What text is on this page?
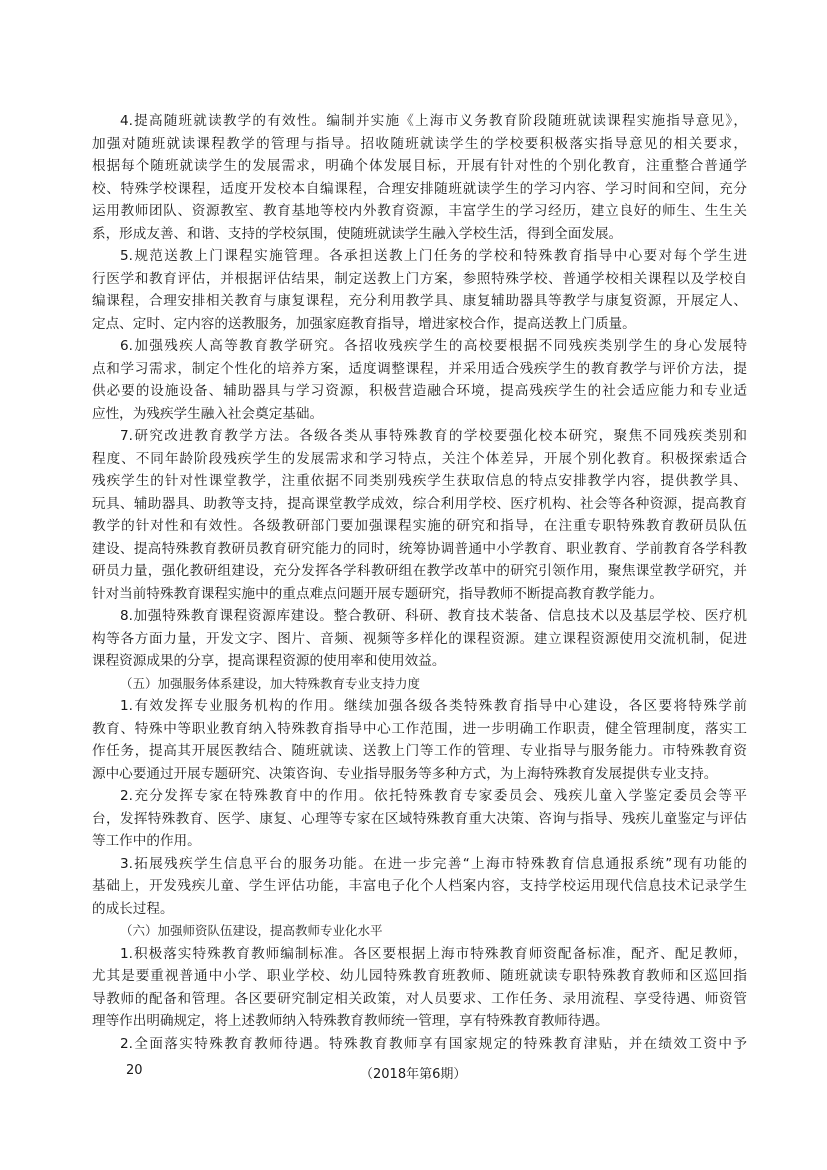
4.提高随班就读教学的有效性。编制并实施《上海市义务教育阶段随班就读课程实施指导意见》，
加强对随班就读课程教学的管理与指导。招收随班就读学生的学校要积极落实指导意见的相关要求，
根据每个随班就读学生的发展需求，明确个体发展目标，开展有针对性的个别化教育，注重整合普通学
校、特殊学校课程，适度开发校本自编课程，合理安排随班就读学生的学习内容、学习时间和空间，充分
运用教师团队、资源教室、教育基地等校内外教育资源，丰富学生的学习经历，建立良好的师生、生生关
系，形成友善、和谐、支持的学校氛围，使随班就读学生融入学校生活，得到全面发展。
5.规范送教上门课程实施管理。各承担送教上门任务的学校和特殊教育指导中心要对每个学生进
行医学和教育评估，并根据评估结果，制定送教上门方案，参照特殊学校、普通学校相关课程以及学校自
编课程，合理安排相关教育与康复课程，充分利用教学具、康复辅助器具等教学与康复资源，开展定人、
定点、定时、定内容的送教服务，加强家庭教育指导，增进家校合作，提高送教上门质量。
6.加强残疾人高等教育教学研究。各招收残疾学生的高校要根据不同残疾类别学生的身心发展特
点和学习需求，制定个性化的培养方案，适度调整课程，并采用适合残疾学生的教育教学与评价方法，提
供必要的设施设备、辅助器具与学习资源，积极营造融合环境，提高残疾学生的社会适应能力和专业适
应性，为残疾学生融入社会奠定基础。
7.研究改进教育教学方法。各级各类从事特殊教育的学校要强化校本研究，聚焦不同残疾类别和
程度、不同年龄阶段残疾学生的发展需求和学习特点，关注个体差异，开展个别化教育。积极探索适合
残疾学生的针对性课堂教学，注重依据不同类别残疾学生获取信息的特点安排教学内容，提供教学具、
玩具、辅助器具、助教等支持，提高课堂教学成效，综合利用学校、医疗机构、社会等各种资源，提高教育
教学的针对性和有效性。各级教研部门要加强课程实施的研究和指导，在注重专职特殊教育教研员队伍
建设、提高特殊教育教研员教育研究能力的同时，统筹协调普通中小学教育、职业教育、学前教育各学科教
研员力量，强化教研组建设，充分发挥各学科教研组在教学改革中的研究引领作用，聚焦课堂教学研究，并
针对当前特殊教育课程实施中的重点难点问题开展专题研究，指导教师不断提高教育教学能力。
8.加强特殊教育课程资源库建设。整合教研、科研、教育技术装备、信息技术以及基层学校、医疗机
构等各方面力量，开发文字、图片、音频、视频等多样化的课程资源。建立课程资源使用交流机制，促进
课程资源成果的分享，提高课程资源的使用率和使用效益。
（五）加强服务体系建设，加大特殊教育专业支持力度
1.有效发挥专业服务机构的作用。继续加强各级各类特殊教育指导中心建设，各区要将特殊学前
教育、特殊中等职业教育纳入特殊教育指导中心工作范围，进一步明确工作职责，健全管理制度，落实工
作任务，提高其开展医教结合、随班就读、送教上门等工作的管理、专业指导与服务能力。市特殊教育资
源中心要通过开展专题研究、决策咨询、专业指导服务等多种方式，为上海特殊教育发展提供专业支持。
2.充分发挥专家在特殊教育中的作用。依托特殊教育专家委员会、残疾儿童入学鉴定委员会等平
台，发挥特殊教育、医学、康复、心理等专家在区域特殊教育重大决策、咨询与指导、残疾儿童鉴定与评估
等工作中的作用。
3.拓展残疾学生信息平台的服务功能。在进一步完善“上海市特殊教育信息通报系统”现有功能的
基础上，开发残疾儿童、学生评估功能，丰富电子化个人档案内容，支持学校运用现代信息技术记录学生
的成长过程。
（六）加强师资队伍建设，提高教师专业化水平
1.积极落实特殊教育教师编制标准。各区要根据上海市特殊教育师资配备标准，配齐、配足教师，
尤其是要重视普通中小学、职业学校、幼儿园特殊教育班教师、随班就读专职特殊教育教师和区巡回指
导教师的配备和管理。各区要研究制定相关政策，对人员要求、工作任务、录用流程、享受待遇、师资管
理等作出明确规定，将上述教师纳入特殊教育教师统一管理，享有特殊教育教师待遇。
2.全面落实特殊教育教师待遇。特殊教育教师享有国家规定的特殊教育津贴，并在绩效工资中予
20	（2018年第6期）
